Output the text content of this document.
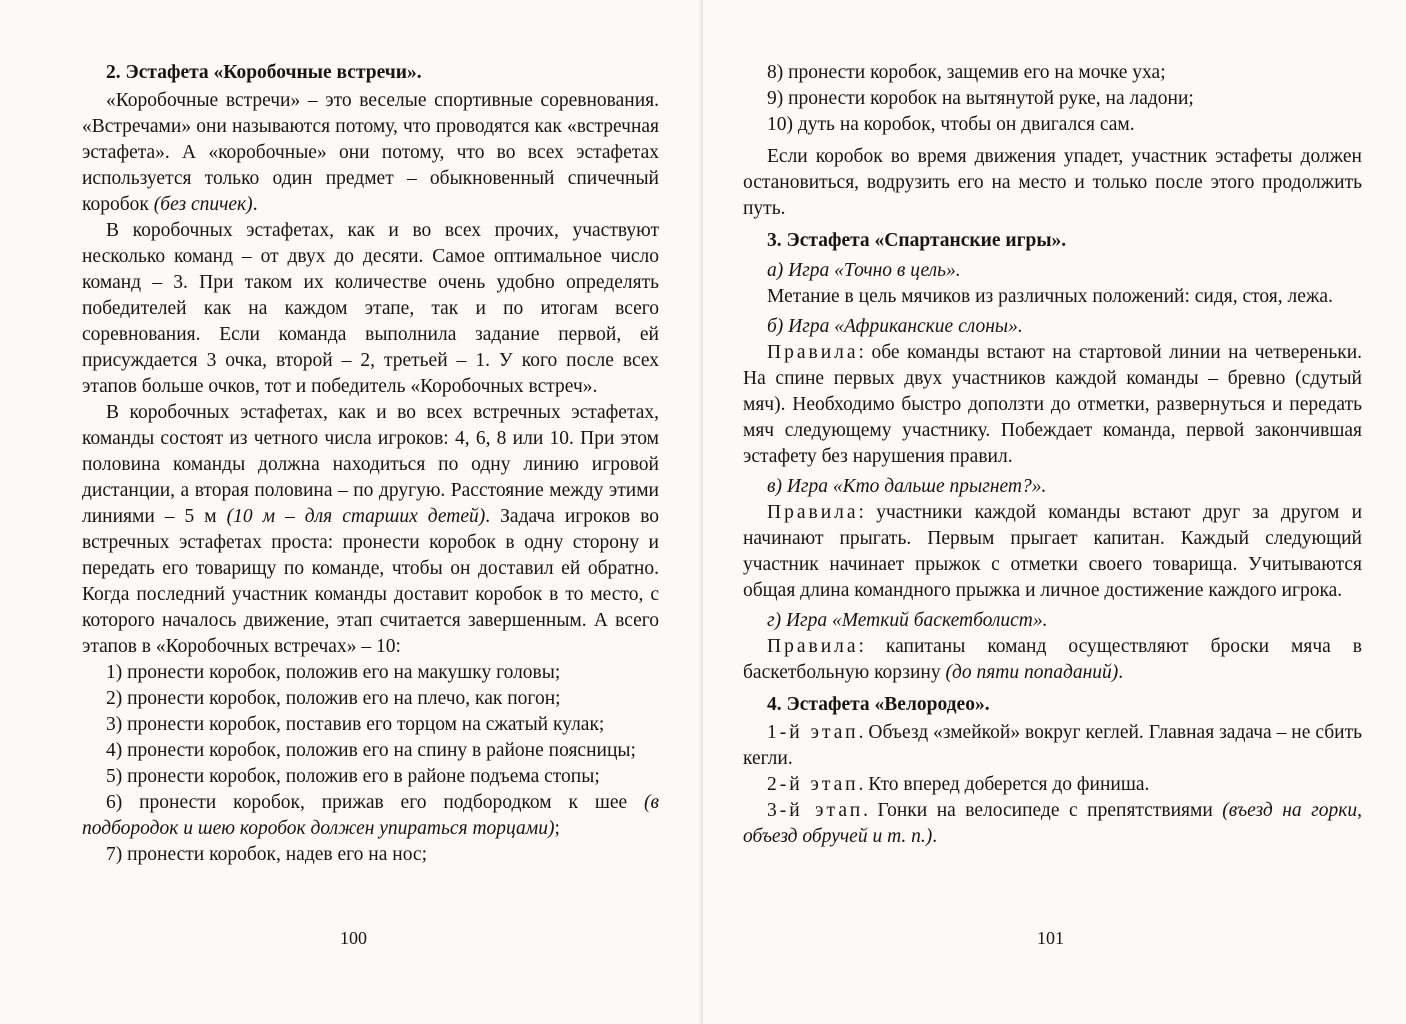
2. Эстафета «Коробочные встречи».

«Коробочные встречи» – это веселые спортивные соревнования. «Встречами» они называются потому, что проводятся как «встречная эстафета». А «коробочные» они потому, что во всех эстафетах используется только один предмет – обыкновенный спичечный коробок (без спичек).

В коробочных эстафетах, как и во всех прочих, участвуют несколько команд – от двух до десяти. Самое оптимальное число команд – 3. При таком их количестве очень удобно определять победителей как на каждом этапе, так и по итогам всего соревнования. Если команда выполнила задание первой, ей присуждается 3 очка, второй – 2, третьей – 1. У кого после всех этапов больше очков, тот и победитель «Коробочных встреч».

В коробочных эстафетах, как и во всех встречных эстафетах, команды состоят из четного числа игроков: 4, 6, 8 или 10. При этом половина команды должна находиться по одну линию игровой дистанции, а вторая половина – по другую. Расстояние между этими линиями – 5 м (10 м – для старших детей). Задача игроков во встречных эстафетах проста: пронести коробок в одну сторону и передать его товарищу по команде, чтобы он доставил ей обратно. Когда последний участник команды доставит коробок в то место, с которого началось движение, этап считается завершенным. А всего этапов в «Коробочных встречах» – 10:

1) пронести коробок, положив его на макушку головы;

2) пронести коробок, положив его на плечо, как погон;

3) пронести коробок, поставив его торцом на сжатый кулак;

4) пронести коробок, положив его на спину в районе поясницы;

5) пронести коробок, положив его в районе подъема стопы;

6) пронести коробок, прижав его подбородком к шее (в подбородок и шею коробок должен упираться торцами);

7) пронести коробок, надев его на нос;

100

8) пронести коробок, защемив его на мочке уха;

9) пронести коробок на вытянутой руке, на ладони;

10) дуть на коробок, чтобы он двигался сам.

Если коробок во время движения упадет, участник эстафеты должен остановиться, водрузить его на место и только после этого продолжить путь.

3. Эстафета «Спартанские игры».

а) Игра «Точно в цель».

Метание в цель мячиков из различных положений: сидя, стоя, лежа.

б) Игра «Африканские слоны».

Правила: обе команды встают на стартовой линии на четвереньки. На спине первых двух участников каждой команды – бревно (сдутый мяч). Необходимо быстро доползти до отметки, развернуться и передать мяч следующему участнику. Побеждает команда, первой закончившая эстафету без нарушения правил.

в) Игра «Кто дальше прыгнет?».

Правила: участники каждой команды встают друг за другом и начинают прыгать. Первым прыгает капитан. Каждый следующий участник начинает прыжок с отметки своего товарища. Учитываются общая длина командного прыжка и личное достижение каждого игрока.

г) Игра «Меткий баскетболист».

Правила: капитаны команд осуществляют броски мяча в баскетбольную корзину (до пяти попаданий).

4. Эстафета «Велородео».

1-й этап. Объезд «змейкой» вокруг кеглей. Главная задача – не сбить кегли.

2-й этап. Кто вперед доберется до финиша.

3-й этап. Гонки на велосипеде с препятствиями (въезд на горки, объезд обручей и т. п.).

101
